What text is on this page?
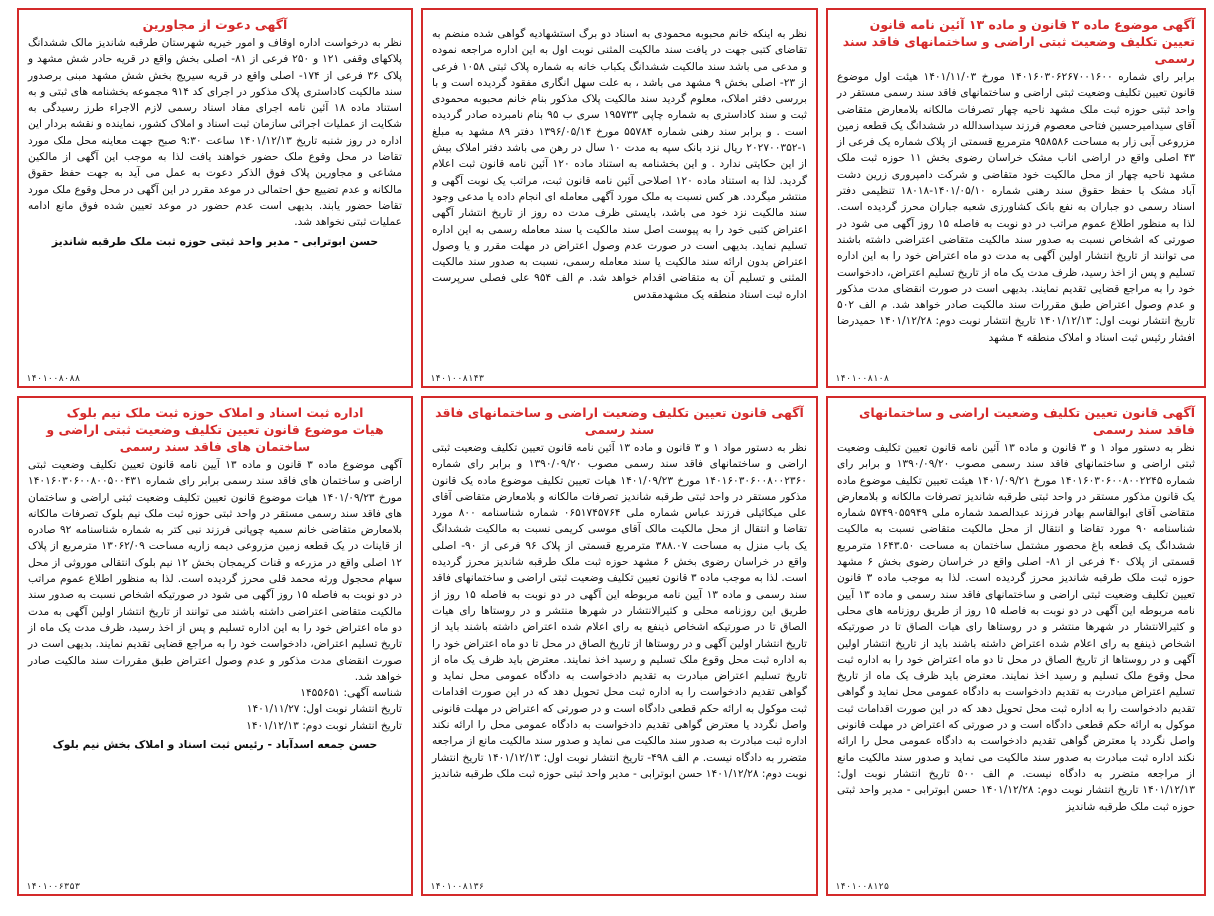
آگهی موضوع ماده ۳ قانون و ماده ۱۳ آئین نامه قانون تعیین تکلیف وضعیت ثبتی اراضی و ساختمانهای فاقد سند رسمی
برابر رای شماره ۱۴۰۱۶۰۳۰۶۲۶۷۰۰۱۶۰۰ مورخ ۱۴۰۱/۱۱/۰۳ هیئت اول موضوع قانون تعیین تکلیف وضعیت ثبتی اراضی و ساختمانهای فاقد سند رسمی مستقر در واحد ثبتی حوزه ثبت ملک مشهد ناحیه چهار تصرفات مالکانه بلامعارض متقاضی آقای سیدامیرحسین فتاحی معصوم فرزند سیداسدالله در ششدانگ یک قطعه زمین مزروعی آبی زار به مساحت ۹۵۸۵۸۶ مترمربع قسمتی از پلاک شماره یک فرعی از ۴۳ اصلی واقع در اراضی اناب مشک خراسان رضوی بخش ۱۱ حوزه ثبت ملک مشهد ناحیه چهار از محل مالکیت خود متقاضی و شرکت دامپروری زرین دشت آباد مشک با حفظ حقوق سند رهنی شماره ۱۴۰۱/۰۵/۱۰-۱۸۰۱۸ تنظیمی دفتر اسناد رسمی دو جباران به نفع بانک کشاورزی شعبه جباران محرز گردیده است. لذا به منظور اطلاع عموم مراتب در دو نوبت به فاصله ۱۵ روز آگهی می شود در صورتی که اشخاص نسبت به صدور سند مالکیت متقاضی اعتراضی داشته باشند می توانند از تاریخ انتشار اولین آگهی به مدت دو ماه اعتراض خود را به این اداره تسلیم و پس از اخذ رسید، ظرف مدت یک ماه از تاریخ تسلیم اعتراض، دادخواست خود را به مراجع قضایی تقدیم نمایند. بدیهی است در صورت انقضای مدت مذکور و عدم وصول اعتراض طبق مقررات سند مالکیت صادر خواهد شد. م الف ۵۰۲ تاریخ انتشار نوبت اول: ۱۴۰۱/۱۲/۱۳ تاریخ انتشار نوبت دوم: ۱۴۰۱/۱۲/۲۸ حمیدرضا افشار رئیس ثبت اسناد و املاک منطقه ۴ مشهد
۱۴۰۱۰۰۸۱۰۸
نظر به اینکه خانم محبوبه محمودی به اسناد دو برگ استشهادیه گواهی شده منضم به تقاضای کتبی جهت در یافت سند مالکیت المثنی نوبت اول به این اداره مراجعه نموده و مدعی می باشد سند مالکیت ششدانگ یکباب خانه به شماره پلاک ثبتی ۱۰۵۸ فرعی از ۲۳- اصلی بخش ۹ مشهد می باشد ، به علت سهل انگاری مفقود گردیده است و با بررسی دفتر املاک، معلوم گردید سند مالکیت پلاک مذکور بنام خانم محبوبه محمودی ثبت و سند کاداستری به شماره چاپی ۱۹۵۷۳۳ سری ب ۹۵ بنام نامبرده صادر گردیده است . و برابر سند رهنی شماره ۵۵۷۸۴ مورخ ۱۳۹۶/۰۵/۱۴ دفتر ۸۹ مشهد به مبلغ ۱-۲۰۲۷۰۰۳۵۲ ریال نزد بانک سپه به مدت ۱۰ سال در رهن می باشد دفتر املاک بیش از این حکایتی ندارد . و این بخشنامه به استناد ماده ۱۲۰ آئین نامه قانون ثبت اعلام گردید. لذا به استناد ماده ۱۲۰ اصلاحی آئین نامه قانون ثبت، مراتب یک نوبت آگهی و منتشر میگردد. هر کس نسبت به ملک مورد آگهی معامله ای انجام داده یا مدعی وجود سند مالکیت نزد خود می باشد، بایستی ظرف مدت ده روز از تاریخ انتشار آگهی اعتراض کتبی خود را به پیوست اصل سند مالکیت یا سند معامله رسمی به این اداره تسلیم نماید. بدیهی است در صورت عدم وصول اعتراض در مهلت مقرر و یا وصول اعتراض بدون ارائه سند مالکیت یا سند معامله رسمی، نسبت به صدور سند مالکیت المثنی و تسلیم آن به متقاضی اقدام خواهد شد. م الف ۹۵۴ علی فصلی سرپرست اداره ثبت اسناد منطقه یک مشهدمقدس
۱۴۰۱۰۰۸۱۴۳
آگهی دعوت از مجاورین
نظر به درخواست اداره اوقاف و امور خیریه شهرستان طرقبه شاندیز مالک ششدانگ پلاکهای وقفی ۱۲۱ و ۲۵۰ فرعی از ۸۱- اصلی بخش واقع در قریه حادر شش مشهد و پلاک ۳۶ فرعی از ۱۷۴- اصلی واقع در قریه سیریج بخش شش مشهد مبنی برصدور سند مالکیت کاداستری پلاک مذکور در اجرای کد ۹۱۴ مجموعه بخشنامه های ثبتی و به استناد ماده ۱۸ آئین نامه اجرای مفاد اسناد رسمی لازم الاجراء طرز رسیدگی به شکایت از عملیات اجرائی سازمان ثبت اسناد و املاک کشور، نماینده و نقشه بردار این اداره در روز شنبه تاریخ ۱۴۰۱/۱۲/۱۳ ساعت ۹:۳۰ صبح جهت معاینه محل ملک مورد تقاضا در محل وقوع ملک حضور خواهند یافت لذا به موجب این آگهی از مالکین مشاعی و مجاورین پلاک فوق الذکر دعوت به عمل می آید به جهت حفظ حقوق مالکانه و عدم تضییع حق احتمالی در موعد مقرر در این آگهی در محل وقوع ملک مورد تقاضا حضور یابند. بدیهی است عدم حضور در موعد تعیین شده فوق مانع ادامه عملیات ثبتی نخواهد شد.
حسن ابوترابی - مدیر واحد ثبتی حوزه ثبت ملک طرقبه شاندیز
۱۴۰۱۰۰۸۰۸۸
آگهی قانون تعیین تکلیف وضعیت اراضی و ساختمانهای فاقد سند رسمی
نظر به دستور مواد ۱ و ۳ قانون و ماده ۱۳ آئین نامه قانون تعیین تکلیف وضعیت ثبتی اراضی و ساختمانهای فاقد سند رسمی مصوب ۱۳۹۰/۰۹/۲۰ و برابر رای شماره ۱۴۰۱۶۰۳۰۶۰۰۸۰۰۲۲۴۵ مورخ ۱۴۰۱/۰۹/۲۱ هیئت تعیین تکلیف موضوع ماده یک قانون مذکور مستقر در واحد ثبتی طرقبه شاندیز تصرفات مالکانه و بلامعارض متقاضی آقای ابوالقاسم بهادر فرزند عبدالصمد شماره ملی ۵۷۴۹۰۵۵۹۴۹ شماره شناسنامه ۹۰ مورد تقاضا و انتقال از محل مالکیت متقاضی نسبت به مالکیت ششدانگ یک قطعه باغ محصور مشتمل ساختمان به مساحت ۱۶۴۳.۵۰ مترمربع قسمتی از پلاک ۴۰ فرعی از ۸۱- اصلی واقع در خراسان رضوی بخش ۶ مشهد حوزه ثبت ملک طرقبه شاندیز محرز گردیده است. لذا به موجب ماده ۳ قانون تعیین تکلیف وضعیت ثبتی اراضی و ساختمانهای فاقد سند رسمی و ماده ۱۳ آیین نامه مربوطه این آگهی در دو نوبت به فاصله ۱۵ روز از طریق روزنامه های محلی و کثیرالانتشار در شهرها منتشر و در روستاها رای هیات الصاق تا در صورتیکه اشخاص ذینفع به رای اعلام شده اعتراض داشته باشند باید از تاریخ انتشار اولین آگهی و در روستاها از تاریخ الصاق در محل تا دو ماه اعتراض خود را به اداره ثبت محل وقوع ملک تسلیم و رسید اخذ نمایند. معترض باید ظرف یک ماه از تاریخ تسلیم اعتراض مبادرت به تقدیم دادخواست به دادگاه عمومی محل نماید و گواهی تقدیم دادخواست را به اداره ثبت محل تحویل دهد که در این صورت اقدامات ثبت موکول به ارائه حکم قطعی دادگاه است و در صورتی که اعتراض در مهلت قانونی واصل نگردد یا معترض گواهی تقدیم دادخواست به دادگاه عمومی محل را ارائه نکند اداره ثبت مبادرت به صدور سند مالکیت می نماید و صدور سند مالکیت مانع از مراجعه متضرر به دادگاه نیست. م الف ۵۰۰ تاریخ انتشار نوبت اول: ۱۴۰۱/۱۲/۱۳ تاریخ انتشار نوبت دوم: ۱۴۰۱/۱۲/۲۸ حسن ابوترابی - مدیر واحد ثبتی حوزه ثبت ملک طرقبه شاندیز
۱۴۰۱۰۰۸۱۲۵
آگهی قانون تعیین تکلیف وضعیت اراضی و ساختمانهای فاقد سند رسمی
نظر به دستور مواد ۱ و ۳ قانون و ماده ۱۳ آئین نامه قانون تعیین تکلیف وضعیت ثبتی اراضی و ساختمانهای فاقد سند رسمی مصوب ۱۳۹۰/۰۹/۲۰ و برابر رای شماره ۱۴۰۱۶۰۳۰۶۰۰۸۰۰۲۳۶۰ مورخ ۱۴۰۱/۰۹/۲۳ هیات تعیین تکلیف موضوع ماده یک قانون مذکور مستقر در واحد ثبتی طرقبه شاندیز تصرفات مالکانه و بلامعارض متقاضی آقای علی میکائیلی فرزند عباس شماره ملی ۰۶۵۱۷۴۵۷۶۴ شماره شناسنامه ۸۰۰ مورد تقاضا و انتقال از محل مالکیت مالک آقای موسی کریمی نسبت به مالکیت ششدانگ یک باب منزل به مساحت ۳۸۸.۰۷ مترمربع قسمتی از پلاک ۹۶ فرعی از ۹۰- اصلی واقع در خراسان رضوی بخش ۶ مشهد حوزه ثبت ملک طرقبه شاندیز محرز گردیده است. لذا به موجب ماده ۳ قانون تعیین تکلیف وضعیت ثبتی اراضی و ساختمانهای فاقد سند رسمی و ماده ۱۳ آیین نامه مربوطه این آگهی در دو نوبت به فاصله ۱۵ روز از طریق این روزنامه محلی و کثیرالانتشار در شهرها منتشر و در روستاها رای هیات الصاق تا در صورتیکه اشخاص ذینفع به رای اعلام شده اعتراض داشته باشند باید از تاریخ انتشار اولین آگهی و در روستاها از تاریخ الصاق در محل تا دو ماه اعتراض خود را به اداره ثبت محل وقوع ملک تسلیم و رسید اخذ نمایند. معترض باید ظرف یک ماه از تاریخ تسلیم اعتراض مبادرت به تقدیم دادخواست به دادگاه عمومی محل نماید و گواهی تقدیم دادخواست را به اداره ثبت محل تحویل دهد که در این صورت اقدامات ثبت موکول به ارائه حکم قطعی دادگاه است و در صورتی که اعتراض در مهلت قانونی واصل نگردد یا معترض گواهی تقدیم دادخواست به دادگاه عمومی محل را ارائه نکند اداره ثبت مبادرت به صدور سند مالکیت می نماید و صدور سند مالکیت مانع از مراجعه متضرر به دادگاه نیست. م الف ۴۹۸- تاریخ انتشار نوبت اول: ۱۴۰۱/۱۲/۱۳ تاریخ انتشار نوبت دوم: ۱۴۰۱/۱۲/۲۸ حسن ابوترابی - مدیر واحد ثبتی حوزه ثبت ملک طرقبه شاندیز
۱۴۰۱۰۰۸۱۳۶
اداره ثبت اسناد و املاک حوزه ثبت ملک نیم بلوک
هیات موضوع قانون تعیین تکلیف وضعیت ثبتی اراضی و ساختمان های فاقد سند رسمی
آگهی موضوع ماده ۳ قانون و ماده ۱۳ آیین نامه قانون تعیین تکلیف وضعیت ثبتی اراضی و ساختمان های فاقد سند رسمی برابر رای شماره ۱۴۰۱۶۰۳۰۶۰۰۸۰۰۵۰۰۴۳۱ مورخ ۱۴۰۱/۰۹/۲۳ هیات موضوع قانون تعیین تکلیف وضعیت ثبتی اراضی و ساختمان های فاقد سند رسمی مستقر در واحد ثبتی حوزه ثبت ملک نیم بلوک تصرفات مالکانه بلامعارض متقاضی خانم سمیه چوپانی فرزند نبی کتر به شماره شناسنامه ۹۲ صادره از قاینات در یک قطعه زمین مزروعی دیمه زاریه مساحت ۱۳۰۶۲/۰۹ مترمربع از پلاک ۱۲ اصلی واقع در مزرعه و قنات کریمجان بخش ۱۲ نیم بلوک انتقالی موروثی از محل سهام محجول ورثه محمد قلی محرز گردیده است. لذا به منظور اطلاع عموم مراتب در دو نوبت به فاصله ۱۵ روز آگهی می شود در صورتیکه اشخاص نسبت به صدور سند مالکیت متقاضی اعتراضی داشته باشند می توانند از تاریخ انتشار اولین آگهی به مدت دو ماه اعتراض خود را به این اداره تسلیم و پس از اخذ رسید، ظرف مدت یک ماه از تاریخ تسلیم اعتراض، دادخواست خود را به مراجع قضایی تقدیم نمایند. بدیهی است در صورت انقضای مدت مذکور و عدم وصول اعتراض طبق مقررات سند مالکیت صادر خواهد شد.
شناسه آگهی: ۱۴۵۵۶۵۱
تاریخ انتشار نوبت اول: ۱۴۰۱/۱۱/۲۷
تاریخ انتشار نوبت دوم: ۱۴۰۱/۱۲/۱۳
حسن جمعه اسدآباد - رئیس ثبت اسناد و املاک بخش نیم بلوک
۱۴۰۱۰۰۶۳۵۳
